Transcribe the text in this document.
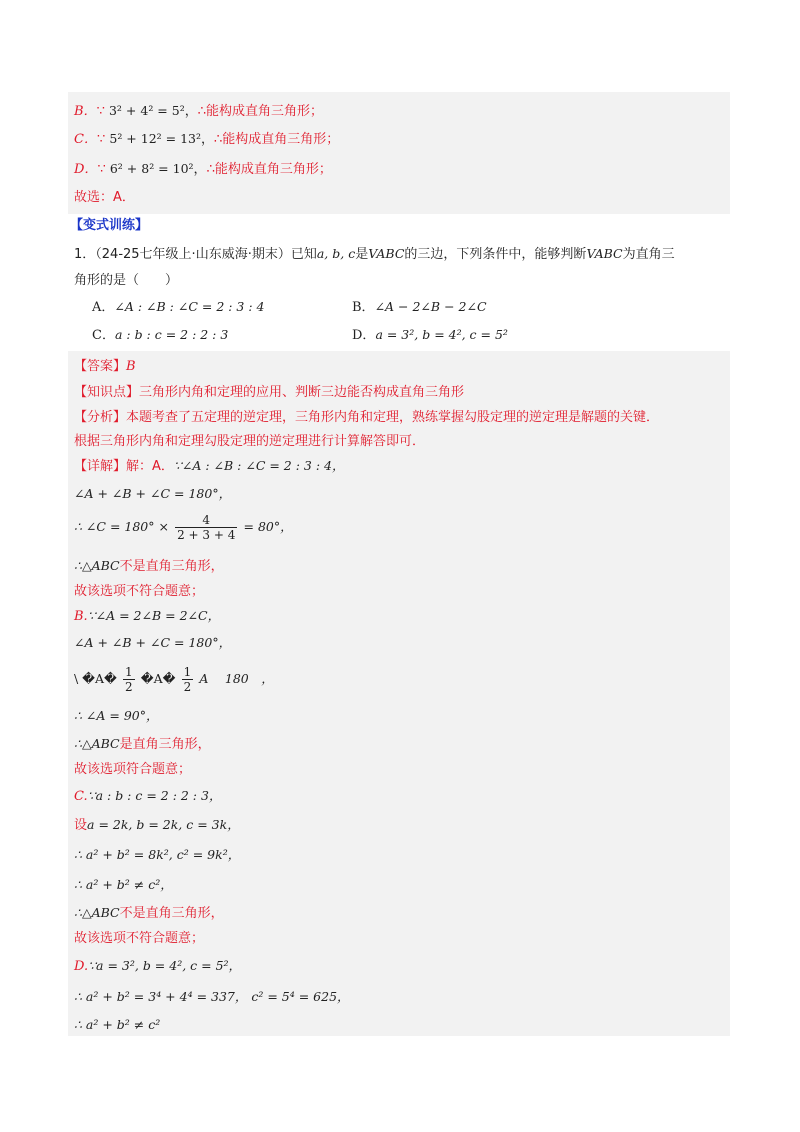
B．∵ 3² + 4² = 5²，∴能构成直角三角形；
C．∵ 5² + 12² = 13²，∴能构成直角三角形；
D．∵ 6² + 8² = 10²，∴能构成直角三角形；
故选：A．
【变式训练】
1．（24-25七年级上·山东威海·期末）已知a, b, c是VABC的三边，下列条件中，能够判断VABC为直角三
角形的是（　　）
A．∠A : ∠B : ∠C = 2 : 3 : 4	B．∠A − 2∠B − 2∠C
C．a : b : c = 2 : 2 : 3	D．a = 3², b = 4², c = 5²
【答案】B
【知识点】三角形内角和定理的应用、判断三边能否构成直角三角形
【分析】本题考查了五定理的逆定理，三角形内角和定理，熟练掌握勾股定理的逆定理是解题的关键．
根据三角形内角和定理勾股定理的逆定理进行计算解答即可．
【详解】解：A．∵∠A : ∠B : ∠C = 2 : 3 : 4，
∠A + ∠B + ∠C = 180°，
∴ ∠C = $180^\circ \times \frac{4}{2 + 3 + 4} = 80^\circ$，
∴△ABC不是直角三角形，
故该选项不符合题意；
B.∵∠A = 2∠B = 2∠C，
∠A + ∠B + ∠C = 180°，
\ �A� $\frac{1}{2}$ �A� $\frac{1}{2}$ A　 180　，
∴ ∠A = 90°，
∴△ABC是直角三角形，
故该选项符合题意；
C.∵a : b : c = 2 : 2 : 3，
设a = 2k, b = 2k, c = 3k，
∴ a² + b² = 8k², c² = 9k²，
∴ a² + b² ≠ c²，
∴△ABC不是直角三角形，
故该选项不符合题意；
D.∵a = 3², b = 4², c = 5²，
∴ a² + b² = 3⁴ + 4⁴ = 337， c² = 5⁴ = 625，
∴ a² + b² ≠ c²
